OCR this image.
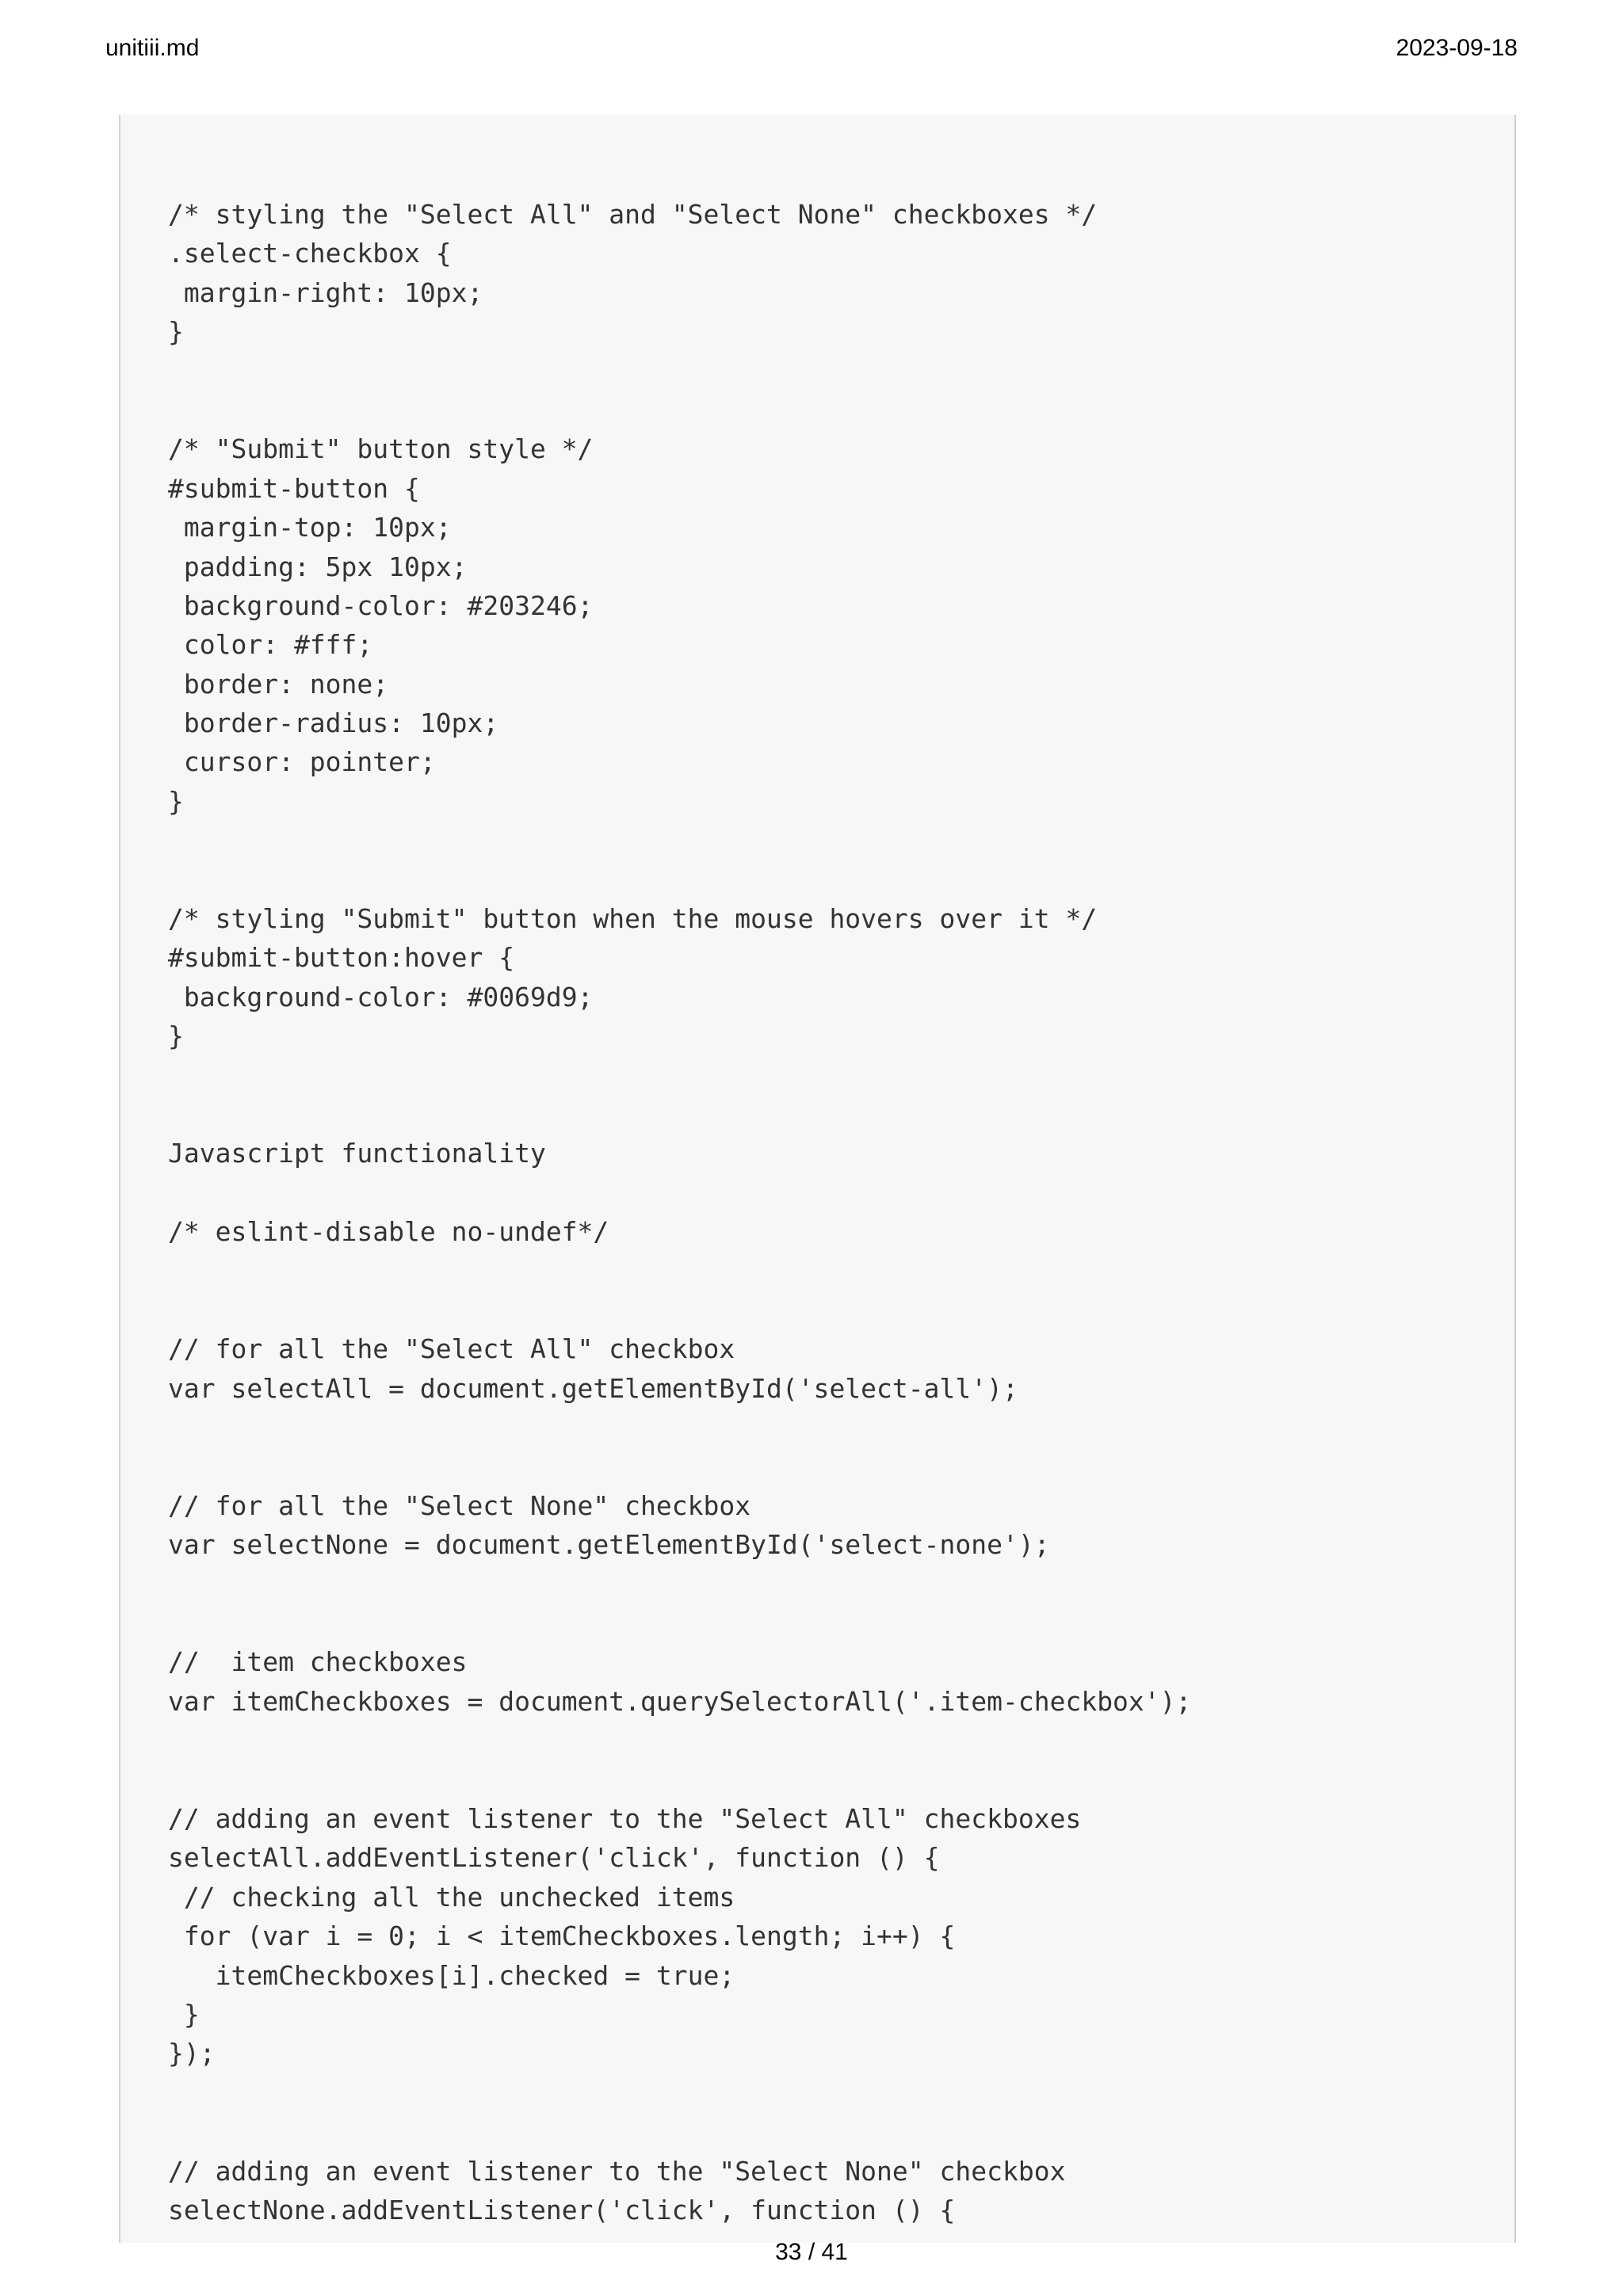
unitiii.md	2023-09-18
/* styling the "Select All" and "Select None" checkboxes */
.select-checkbox {
margin-right: 10px;
}
/* "Submit" button style */
#submit-button {
margin-top: 10px;
padding: 5px 10px;
background-color: #203246;
color: #fff;
border: none;
border-radius: 10px;
cursor: pointer;
}
/* styling "Submit" button when the mouse hovers over it */
#submit-button:hover {
background-color: #0069d9;
}
Javascript functionality
/* eslint-disable no-undef*/
// for all the "Select All" checkbox
var selectAll = document.getElementById('select-all');
// for all the "Select None" checkbox
var selectNone = document.getElementById('select-none');
//  item checkboxes
var itemCheckboxes = document.querySelectorAll('.item-checkbox');
// adding an event listener to the "Select All" checkboxes
selectAll.addEventListener('click', function () {
// checking all the unchecked items
for (var i = 0; i < itemCheckboxes.length; i++) {
itemCheckboxes[i].checked = true;
}
});
// adding an event listener to the "Select None" checkbox
selectNone.addEventListener('click', function () {
33 / 41
